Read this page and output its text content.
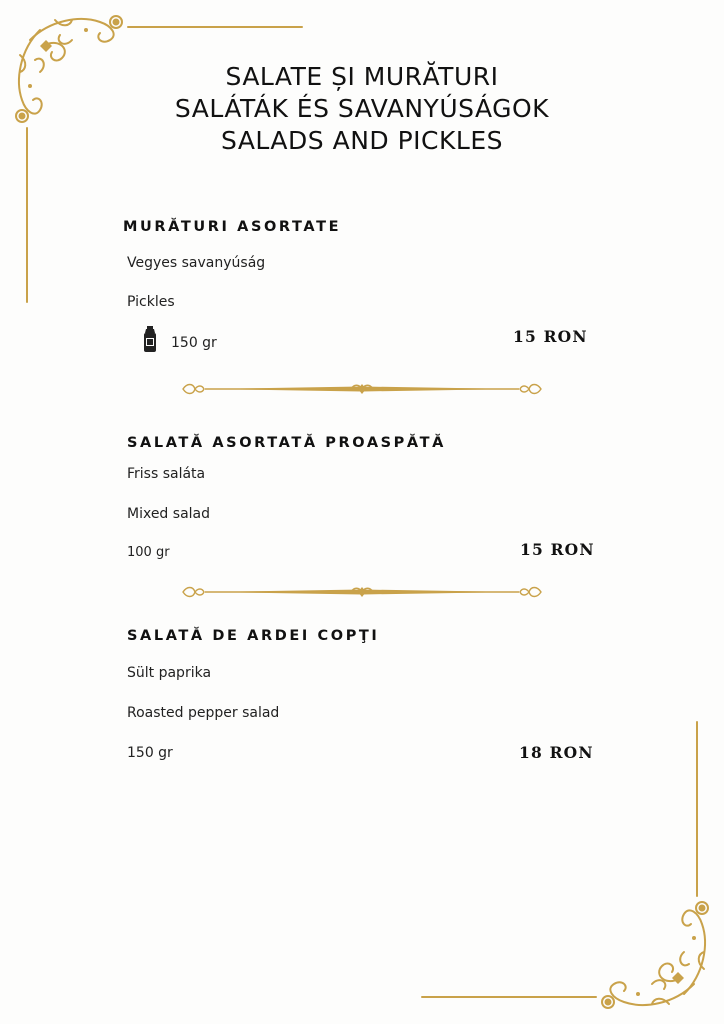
SALATE ȘI MURĂTURI
SALÁTÁK ÉS SAVANYÚSÁGOK
SALADS AND PICKLES
MURĂTURI ASORTATE
Vegyes savanyúság
Pickles
150 gr	15 RON
SALATĂ ASORTATĂ PROASPĂTĂ
Friss saláta
Mixed salad
100 gr	15 RON
SALATĂ DE ARDEI COPŢI
Sült paprika
Roasted pepper salad
150 gr	18 RON
